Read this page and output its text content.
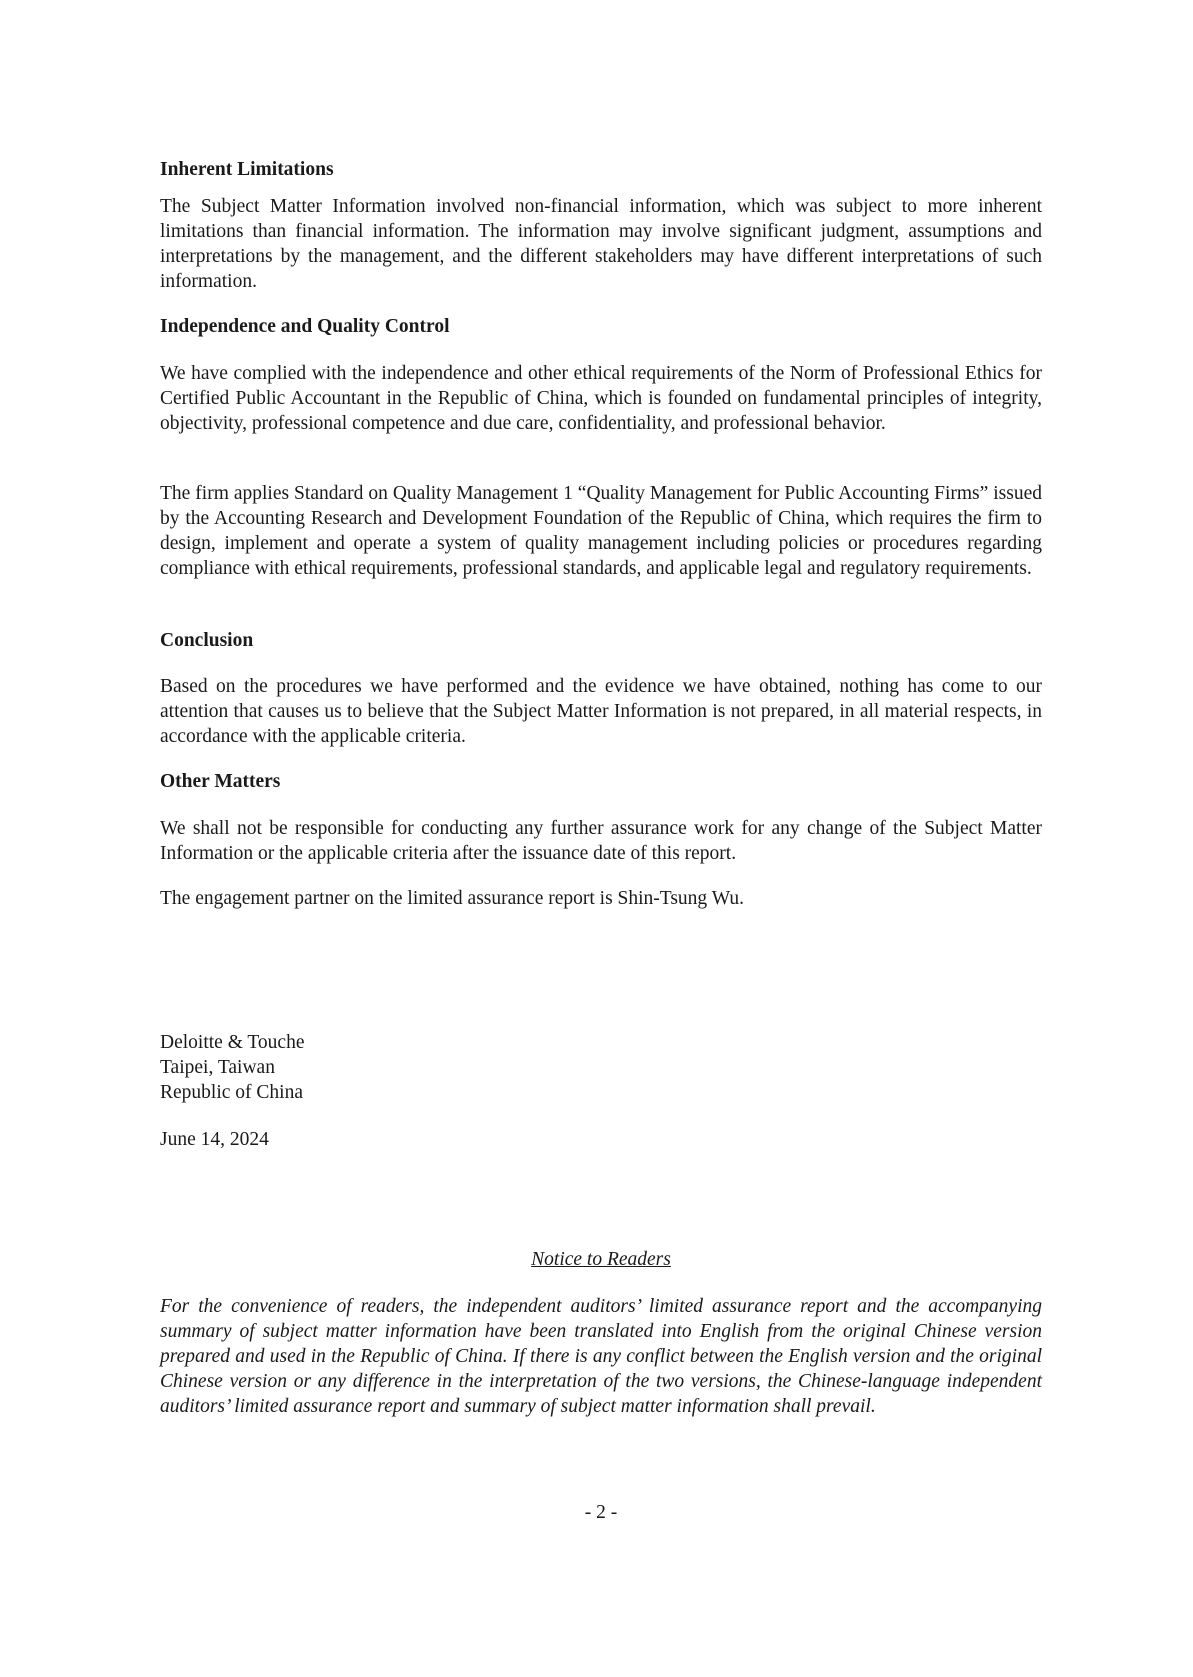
Inherent Limitations

The Subject Matter Information involved non-financial information, which was subject to more inherent limitations than financial information. The information may involve significant judgment, assumptions and interpretations by the management, and the different stakeholders may have different interpretations of such information.

Independence and Quality Control

We have complied with the independence and other ethical requirements of the Norm of Professional Ethics for Certified Public Accountant in the Republic of China, which is founded on fundamental principles of integrity, objectivity, professional competence and due care, confidentiality, and professional behavior.

The firm applies Standard on Quality Management 1 “Quality Management for Public Accounting Firms” issued by the Accounting Research and Development Foundation of the Republic of China, which requires the firm to design, implement and operate a system of quality management including policies or procedures regarding compliance with ethical requirements, professional standards, and applicable legal and regulatory requirements.

Conclusion

Based on the procedures we have performed and the evidence we have obtained, nothing has come to our attention that causes us to believe that the Subject Matter Information is not prepared, in all material respects, in accordance with the applicable criteria.

Other Matters

We shall not be responsible for conducting any further assurance work for any change of the Subject Matter Information or the applicable criteria after the issuance date of this report.

The engagement partner on the limited assurance report is Shin-Tsung Wu.

Deloitte & Touche

Taipei, Taiwan

Republic of China

June 14, 2024

Notice to Readers

For the convenience of readers, the independent auditors’ limited assurance report and the accompanying summary of subject matter information have been translated into English from the original Chinese version prepared and used in the Republic of China. If there is any conflict between the English version and the original Chinese version or any difference in the interpretation of the two versions, the Chinese-language independent auditors’ limited assurance report and summary of subject matter information shall prevail.

- 2 -
